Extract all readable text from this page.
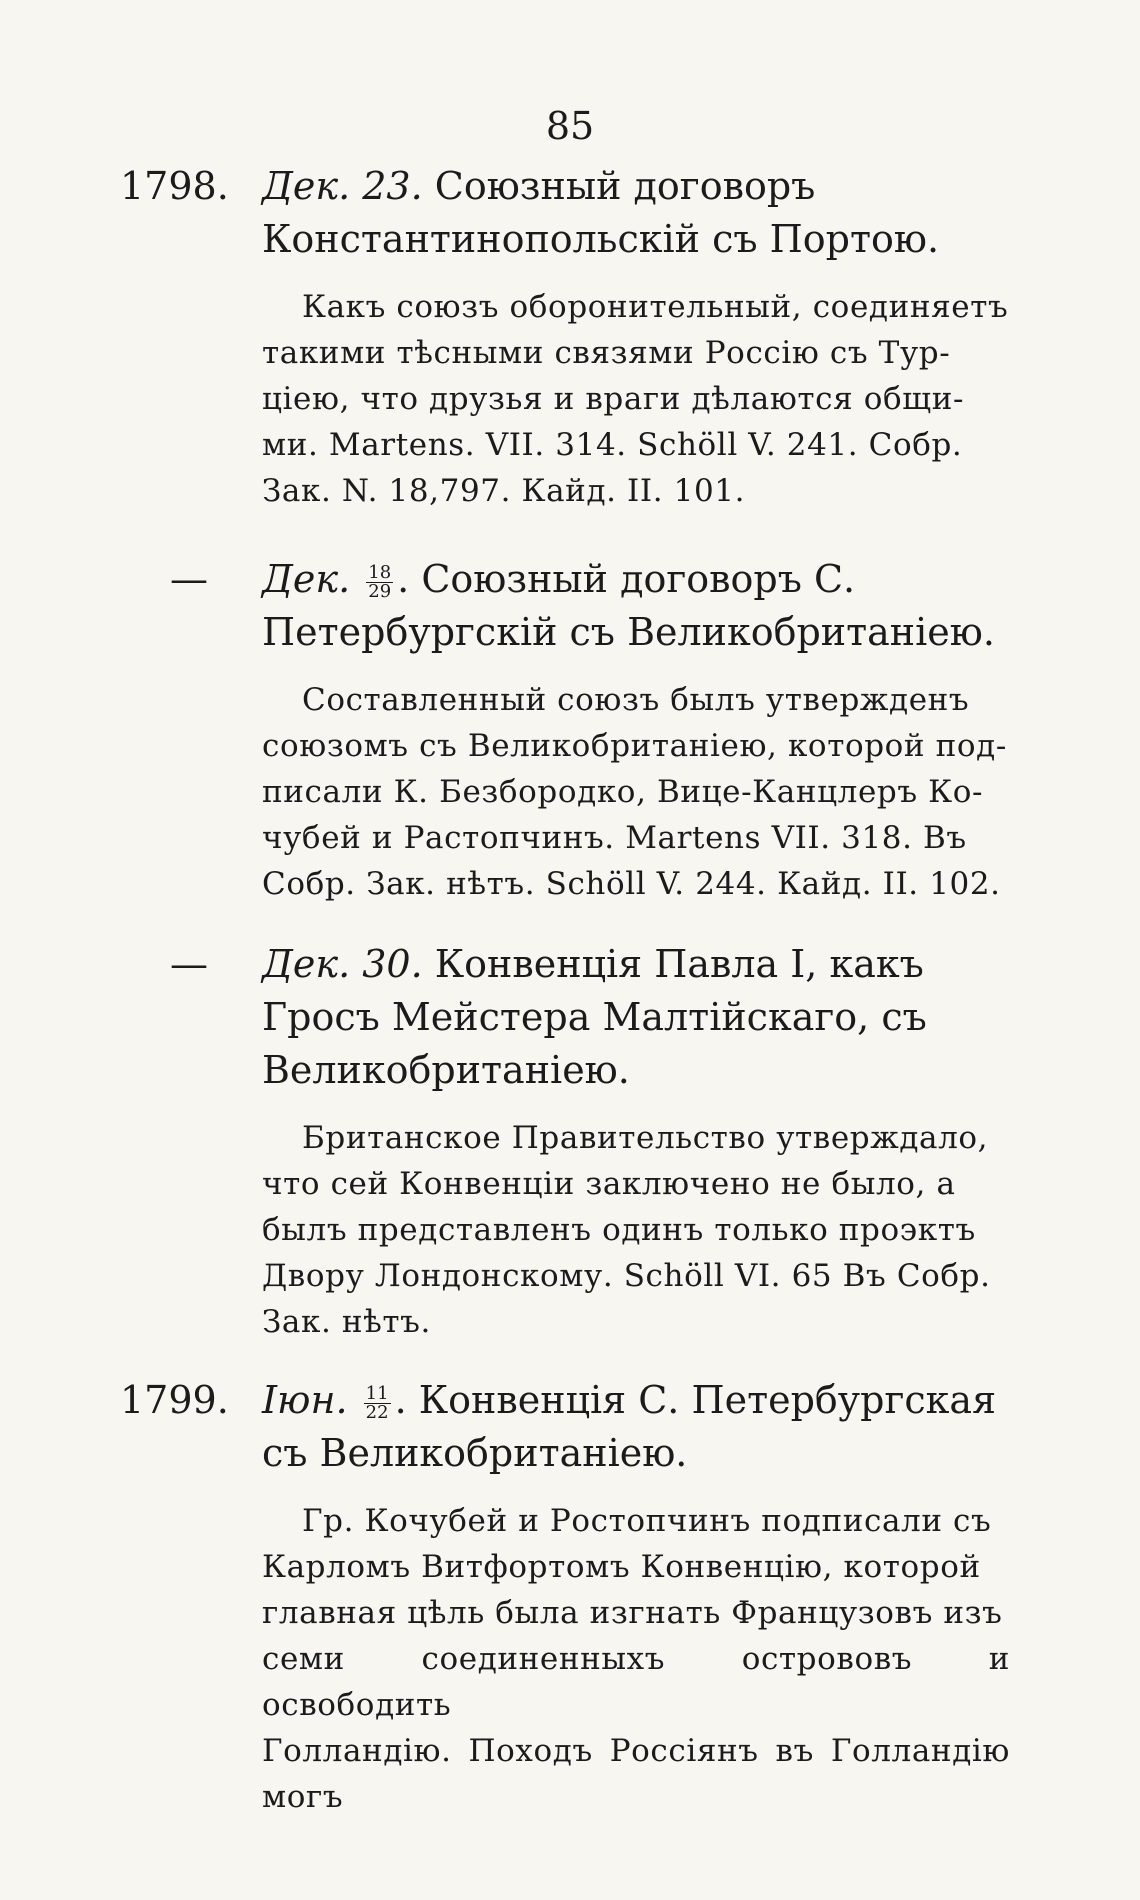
85
1798. Дек. 23. Союзный договоръ Константинопольскій съ Портою.
Какъ союзъ оборонительный, соединяетъ
такими тѣсными связями Россію съ Тур-
ціею, что друзья и враги дѣлаются общи-
ми. Martens. VII. 314. Schöll V. 241. Собр.
Зак. N. 18,797. Кайд. II. 101.
—	Дек. $\frac{18}{29}$ . Союзный договоръ С. Петербургскій съ Великобританіею.
Составленный союзъ былъ утвержденъ
союзомъ съ Великобританіею, которой под-
писали К. Безбородко, Вице-Канцлеръ Ко-
чубей и Растопчинъ. Martens VII. 318. Въ
Собр. Зак. нѣтъ. Schöll V. 244. Кайд. II. 102.
—	Дек. 30. Конвенція Павла I, какъ Гросъ Мейстера Малтійскаго, съ Великобританіею.
Британское Правительство утверждало,
что сей Конвенціи заключено не было, а
былъ представленъ одинъ только проэктъ
Двору Лондонскому. Schöll VI. 65 Въ Собр.
Зак. нѣтъ.
1799. Іюн. $\frac{11}{22}$ . Конвенція С. Петербургская съ Великобританіею.
Гр. Кочубей и Ростопчинъ подписали съ
Карломъ Витфортомъ Конвенцію, которой
главная цѣль была изгнать Французовъ изъ
семи соединенныхъ острововъ и освободить
Голландію. Походъ Россіянъ въ Голландію могъ
